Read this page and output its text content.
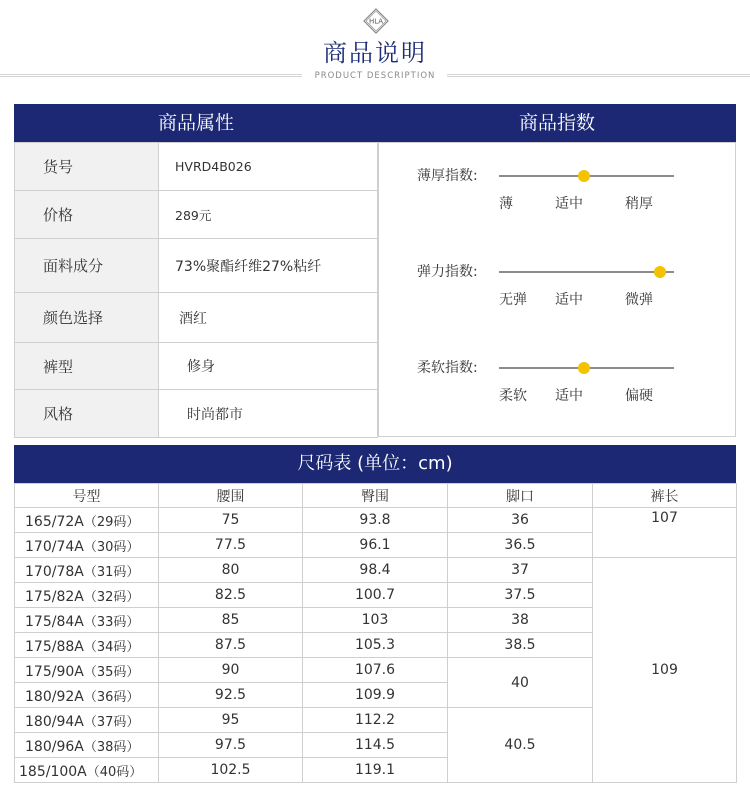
HLA
商品说明
PRODUCT DESCRIPTION
商品属性	商品指数
货号	HVRD4B026
价格	289元
面料成分	73%聚酯纤维27%粘纤
颜色选择	酒红
裤型	修身
风格	时尚都市
薄厚指数:
薄	适中	稍厚
弹力指数:
无弹 适中	微弹
柔软指数:
柔软 适中	偏硬
尺码表 (单位：cm)
号型	腰围	臀围	脚口	裤长
165/72A（29码）	75	93.8	36	107
170/74A（30码）	77.5	96.1	36.5	
170/78A（31码）	80	98.4	37	109
175/82A（32码）	82.5	100.7	37.5	
175/84A（33码）	85	103	38	
175/88A（34码）	87.5	105.3	38.5	
175/90A（35码）	90	107.6	40	
180/92A（36码）	92.5	109.9		
180/94A（37码）	95	112.2	40.5	
180/96A（38码）	97.5	114.5		
185/100A（40码）	102.5	119.1		
